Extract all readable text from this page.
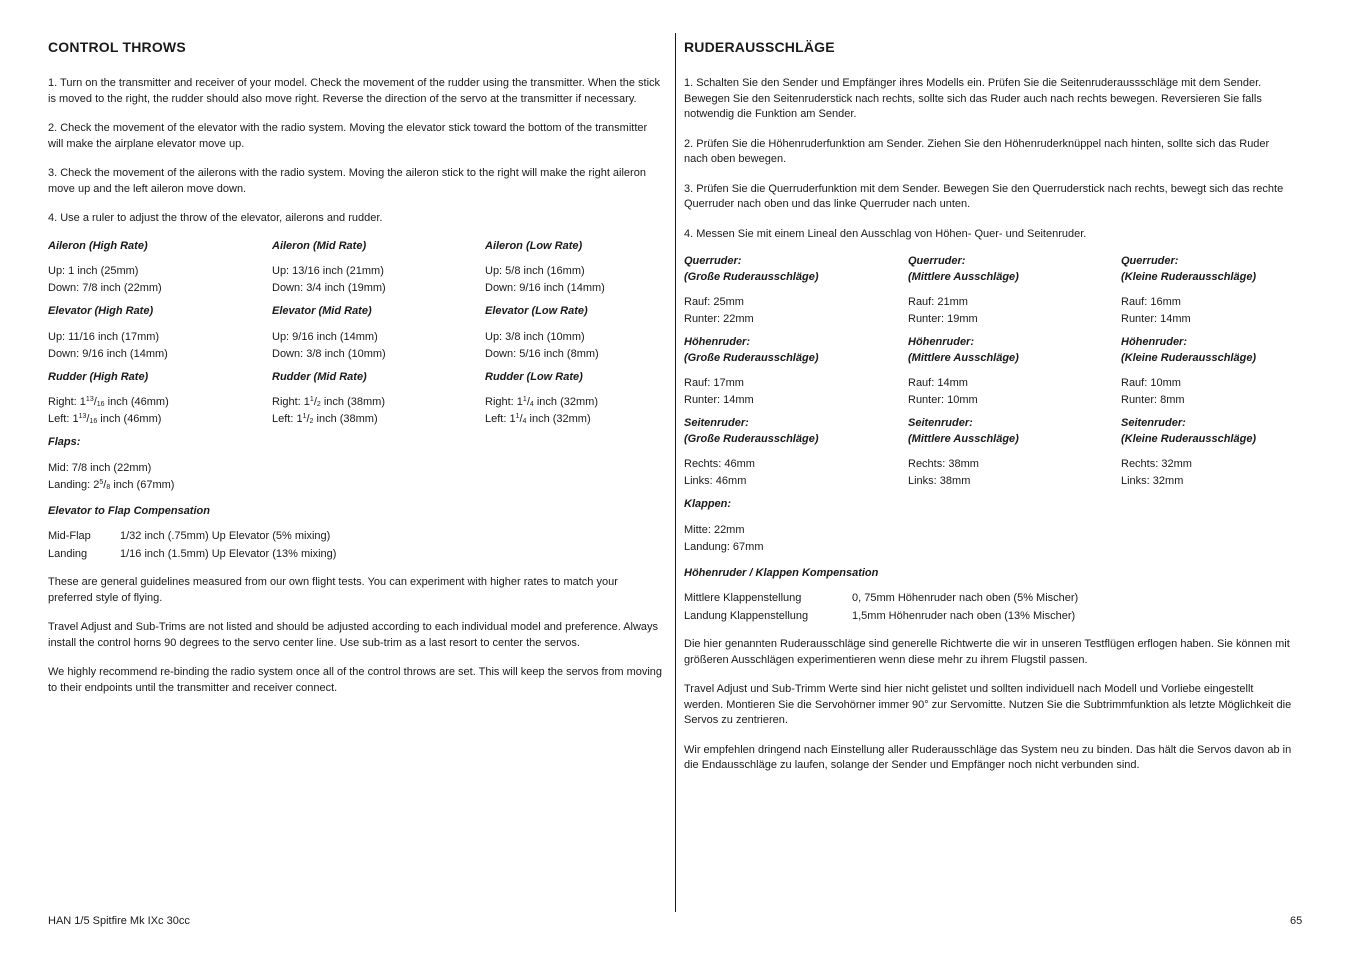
CONTROL THROWS

1. Turn on the transmitter and receiver of your model. Check the movement of the rudder using the transmitter. When the stick is moved to the right, the rudder should also move right. Reverse the direction of the servo at the transmitter if necessary.

2. Check the movement of the elevator with the radio system. Moving the elevator stick toward the bottom of the transmitter will make the airplane elevator move up.

3. Check the movement of the ailerons with the radio system. Moving the aileron stick to the right will make the right aileron move up and the left aileron move down.

4. Use a ruler to adjust the throw of the elevator, ailerons and rudder.

Aileron (High Rate)
Up: 1 inch (25mm)
Down: 7/8 inch (22mm)
Aileron (Mid Rate)
Up: 13/16 inch (21mm)
Down: 3/4 inch (19mm)
Aileron (Low Rate)
Up: 5/8 inch (16mm)
Down: 9/16 inch (14mm)
Elevator (High Rate)
Up: 11/16 inch (17mm)
Down: 9/16 inch (14mm)
Elevator (Mid Rate)
Up: 9/16 inch (14mm)
Down: 3/8 inch (10mm)
Elevator (Low Rate)
Up: 3/8 inch (10mm)
Down: 5/16 inch (8mm)
Rudder (High Rate)
Right: $1^{13}/_{16}$ inch (46mm)
Left: $1^{13}/_{16}$ inch (46mm)
Rudder (Mid Rate)
Right: $1^1/_2$ inch (38mm)
Left: $1^1/_2$ inch (38mm)
Rudder (Low Rate)
Right: $1^1/_4$ inch (32mm)
Left: $1^1/_4$ inch (32mm)
Flaps:
Mid: 7/8 inch (22mm)
Landing: $2^5/_8$ inch (67mm)
Elevator to Flap Compensation
Mid-Flap	1/32 inch (.75mm) Up Elevator (5% mixing)
Landing	1/16 inch (1.5mm) Up Elevator (13% mixing)

These are general guidelines measured from our own flight tests. You can experiment with higher rates to match your preferred style of flying.

Travel Adjust and Sub-Trims are not listed and should be adjusted according to each individual model and preference. Always install the control horns 90 degrees to the servo center line. Use sub-trim as a last resort to center the servos.

We highly recommend re-binding the radio system once all of the control throws are set. This will keep the servos from moving to their endpoints until the transmitter and receiver connect.

RUDERAUSSCHLÄGE

1. Schalten Sie den Sender und Empfänger ihres Modells ein. Prüfen Sie die Seitenruderaussschläge mit dem Sender. Bewegen Sie den Seitenruderstick nach rechts, sollte sich das Ruder auch nach rechts bewegen. Reversieren Sie falls notwendig die Funktion am Sender.

2. Prüfen Sie die Höhenruderfunktion am Sender. Ziehen Sie den Höhenruderknüppel nach hinten, sollte sich das Ruder nach oben bewegen.

3. Prüfen Sie die Querruderfunktion mit dem Sender. Bewegen Sie den Querruderstick nach rechts, bewegt sich das rechte Querruder nach oben und das linke Querruder nach unten.

4. Messen Sie mit einem Lineal den Ausschlag von Höhen- Quer- und Seitenruder.

Querruder:
(Große Ruderausschläge)
Rauf: 25mm
Runter: 22mm
Querruder:
(Mittlere Ausschläge)
Rauf: 21mm
Runter: 19mm
Querruder:
(Kleine Ruderausschläge)
Rauf: 16mm
Runter: 14mm
Höhenruder:
(Große Ruderausschläge)
Rauf: 17mm
Runter: 14mm
Höhenruder:
(Mittlere Ausschläge)
Rauf: 14mm
Runter: 10mm
Höhenruder:
(Kleine Ruderausschläge)
Rauf: 10mm
Runter: 8mm
Seitenruder:
(Große Ruderausschläge)
Rechts: 46mm
Links: 46mm
Seitenruder:
(Mittlere Ausschläge)
Rechts: 38mm
Links: 38mm
Seitenruder:
(Kleine Ruderausschläge)
Rechts: 32mm
Links: 32mm
Klappen:
Mitte: 22mm
Landung: 67mm
Höhenruder / Klappen Kompensation
Mittlere Klappenstellung	0, 75mm Höhenruder nach oben (5% Mischer)
Landung Klappenstellung	1,5mm Höhenruder nach oben (13% Mischer)

Die hier genannten Ruderausschläge sind generelle Richtwerte die wir in unseren Testflügen erflogen haben. Sie können mit größeren Ausschlägen experimentieren wenn diese mehr zu ihrem Flugstil passen.

Travel Adjust und Sub-Trimm Werte sind hier nicht gelistet und sollten individuell nach Modell und Vorliebe eingestellt werden. Montieren Sie die Servohörner immer 90° zur Servomitte. Nutzen Sie die Subtrimmfunktion als letzte Möglichkeit die Servos zu zentrieren.

Wir empfehlen dringend nach Einstellung aller Ruderausschläge das System neu zu binden. Das hält die Servos davon ab in die Endausschläge zu laufen, solange der Sender und Empfänger noch nicht verbunden sind.

HAN 1/5 Spitfire Mk IXc 30cc	65
